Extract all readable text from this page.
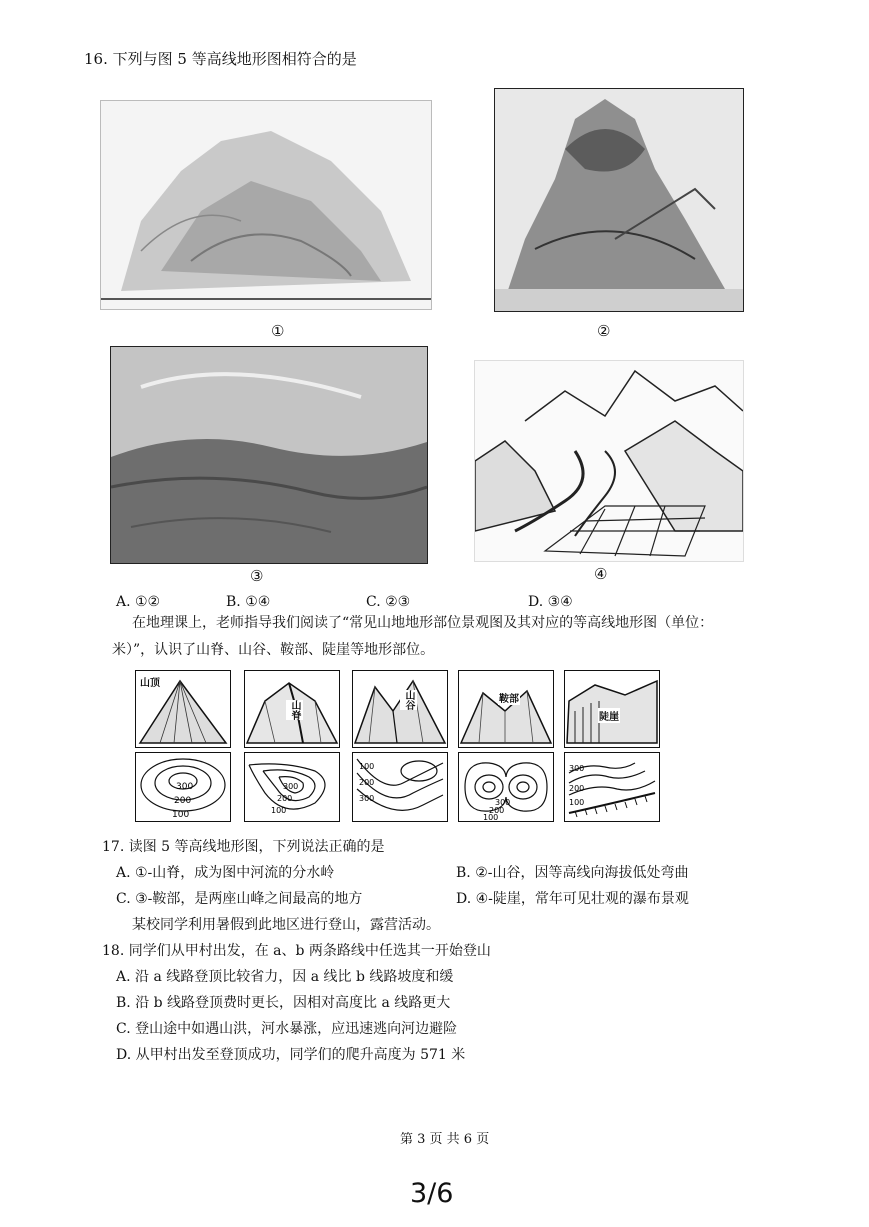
16. 下列与图 5 等高线地形图相符合的是
①	②
③	④
A. ①②	B. ①④	C. ②③	D. ③④
在地理课上，老师指导我们阅读了“常见山地地形部位景观图及其对应的等高线地形图（单位：米）”，认识了山脊、山谷、鞍部、陡崖等地形部位。
山顶
山脊	山谷	鞍部
陡崖
300
200
100
300
200
100
100
200
300	300
200
100
300
200
100
17. 读图 5 等高线地形图，下列说法正确的是
A. ①-山脊，成为图中河流的分水岭	B. ②-山谷，因等高线向海拔低处弯曲
C. ③-鞍部，是两座山峰之间最高的地方	D. ④-陡崖，常年可见壮观的瀑布景观
某校同学利用暑假到此地区进行登山，露营活动。
18. 同学们从甲村出发，在 a、b 两条路线中任选其一开始登山
A. 沿 a 线路登顶比较省力，因 a 线比 b 线路坡度和缓
B. 沿 b 线路登顶费时更长，因相对高度比 a 线路更大
C. 登山途中如遇山洪，河水暴涨，应迅速逃向河边避险
D. 从甲村出发至登顶成功，同学们的爬升高度为 571 米
第 3 页 共 6 页
3/6
